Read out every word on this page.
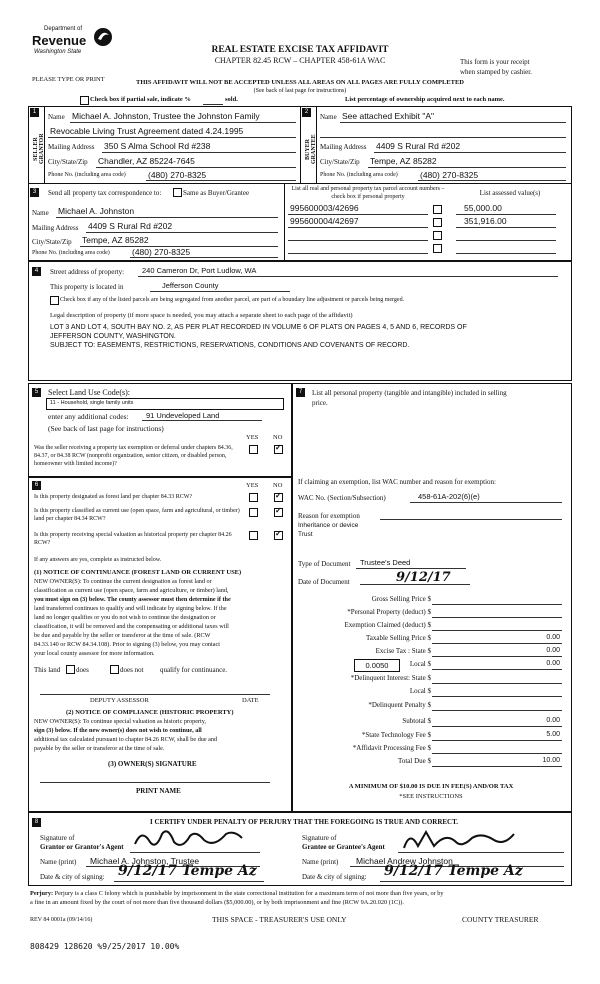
Department of
Revenue
Washington State	REAL ESTATE EXCISE TAX AFFIDAVIT
CHAPTER 82.45 RCW – CHAPTER 458-61A WAC
PLEASE TYPE OR PRINT
This form is your receipt
when stamped by cashier.
THIS AFFIDAVIT WILL NOT BE ACCEPTED UNLESS ALL AREAS ON ALL PAGES ARE FULLY COMPLETED
(See back of last page for instructions)
Check box if partial sale, indicate %	sold.	List percentage of ownership acquired next to each name.
1
SELLER GRANTOR
Name Michael A. Johnston, Trustee the Johnston Family
Revocable Living Trust Agreement dated 4.24.1995
Mailing Address 350 S Alma School Rd #238
City/State/Zip Chandler, AZ 85224-7645
Phone No. (including area code)	(480) 270-8325
2
BUYER GRANTEE
Name See attached Exhibit "A"
Mailing Address 4409 S Rural Rd #202
City/State/Zip Tempe, AZ 85282
Phone No. (including area code)	(480) 270-8325
3	Send all property tax correspondence to:	Same as Buyer/Grantee	List all real and personal property tax parcel account numbers – check box if personal property	List assessed value(s)
Name Michael A. Johnston
Mailing Address 4409 S Rural Rd #202
City/State/Zip Tempe, AZ 85282
Phone No. (including area code)	(480) 270-8325
995600003/42696	55,000.00
995600004/42697	351,916.00
4	Street address of property: 240 Cameron Dr, Port Ludlow, WA
This property is located in	Jefferson County
Check box if any of the listed parcels are being segregated from another parcel, are part of a boundary line adjustment or parcels being merged.
Legal description of property (if more space is needed, you may attach a separate sheet to each page of the affidavit)
LOT 3 AND LOT 4, SOUTH BAY NO. 2, AS PER PLAT RECORDED IN VOLUME 6 OF PLATS ON PAGES 4, 5 AND 6, RECORDS OF
JEFFERSON COUNTY, WASHINGTON.
SUBJECT TO: EASEMENTS, RESTRICTIONS, RESERVATIONS, CONDITIONS AND COVENANTS OF RECORD.
5	Select Land Use Code(s):
11 - Household, single family units
enter any additional codes: 91 Undeveloped Land
(See back of last page for instructions)
YES NO
Was the seller receiving a property tax exemption or deferral under chapters 84.36, 84.37, or 84.38 RCW (nonprofit organization, senior citizen, or disabled person, homeowner with limited income)?
✓
6	YES NO
Is this property designated as forest land per chapter 84.33 RCW?
✓
Is this property classified as current use (open space, farm and agricultural, or timber) land per chapter 84.34 RCW?
✓
Is this property receiving special valuation as historical property per chapter 84.26 RCW?
✓
If any answers are yes, complete as instructed below.
(1) NOTICE OF CONTINUANCE (FOREST LAND OR CURRENT USE)
NEW OWNER(S): To continue the current designation as forest land or
classification as current use (open space, farm and agriculture, or timber) land,
you must sign on (3) below. The county assessor must then determine if the
land transferred continues to qualify and will indicate by signing below. If the
land no longer qualifies or you do not wish to continue the designation or
classification, it will be removed and the compensating or additional taxes will
be due and payable by the seller or transferor at the time of sale. (RCW
84.33.140 or RCW 84.34.108). Prior to signing (3) below, you may contact
your local county assessor for more information.
This land does	does not qualify for continuance.
DEPUTY ASSESSOR	DATE
(2) NOTICE OF COMPLIANCE (HISTORIC PROPERTY)
NEW OWNER(S): To continue special valuation as historic property,
sign (3) below. If the new owner(s) does not wish to continue, all
additional tax calculated pursuant to chapter 84.26 RCW, shall be due and
payable by the seller or transferor at the time of sale.
(3) OWNER(S) SIGNATURE
PRINT NAME
7	List all personal property (tangible and intangible) included in selling
price.
If claiming an exemption, list WAC number and reason for exemption:
WAC No. (Section/Subsection)	458-61A-202(6)(e)
Reason for exemption
Inheritance or device
Trust
Type of Document Trustee's Deed
Date of Document	9/12/17
Gross Selling Price $
*Personal Property (deduct) $
Exemption Claimed (deduct) $
Taxable Selling Price $	0.00
Excise Tax : State $	0.00
0.0050	Local $	0.00
*Delinquent Interest: State $
Local $
*Delinquent Penalty $
Subtotal $	0.00
*State Technology Fee $	5.00
*Affidavit Processing Fee $
Total Due $	10.00
A MINIMUM OF $10.00 IS DUE IN FEE(S) AND/OR TAX
*SEE INSTRUCTIONS
8	I CERTIFY UNDER PENALTY OF PERJURY THAT THE FOREGOING IS TRUE AND CORRECT.
Signature of
Grantor or Grantor's Agent
Name (print) Michael A. Johnston, Trustee
Date & city of signing: 9/12/17 Tempe Az
Signature of
Grantee or Grantee's Agent
Name (print) Michael Andrew Johnston
Date & city of signing: 9/12/17 Tempe Az
Perjury: Perjury is a class C felony which is punishable by imprisonment in the state correctional institution for a maximum term of not more than five years, or by
a fine in an amount fixed by the court of not more than five thousand dollars ($5,000.00), or by both imprisonment and fine (RCW 9A.20.020 (1C)).
REV 84 0001a (09/14/16)	THIS SPACE - TREASURER'S USE ONLY	COUNTY TREASURER
808429 128620 %9/25/2017 10.00%
